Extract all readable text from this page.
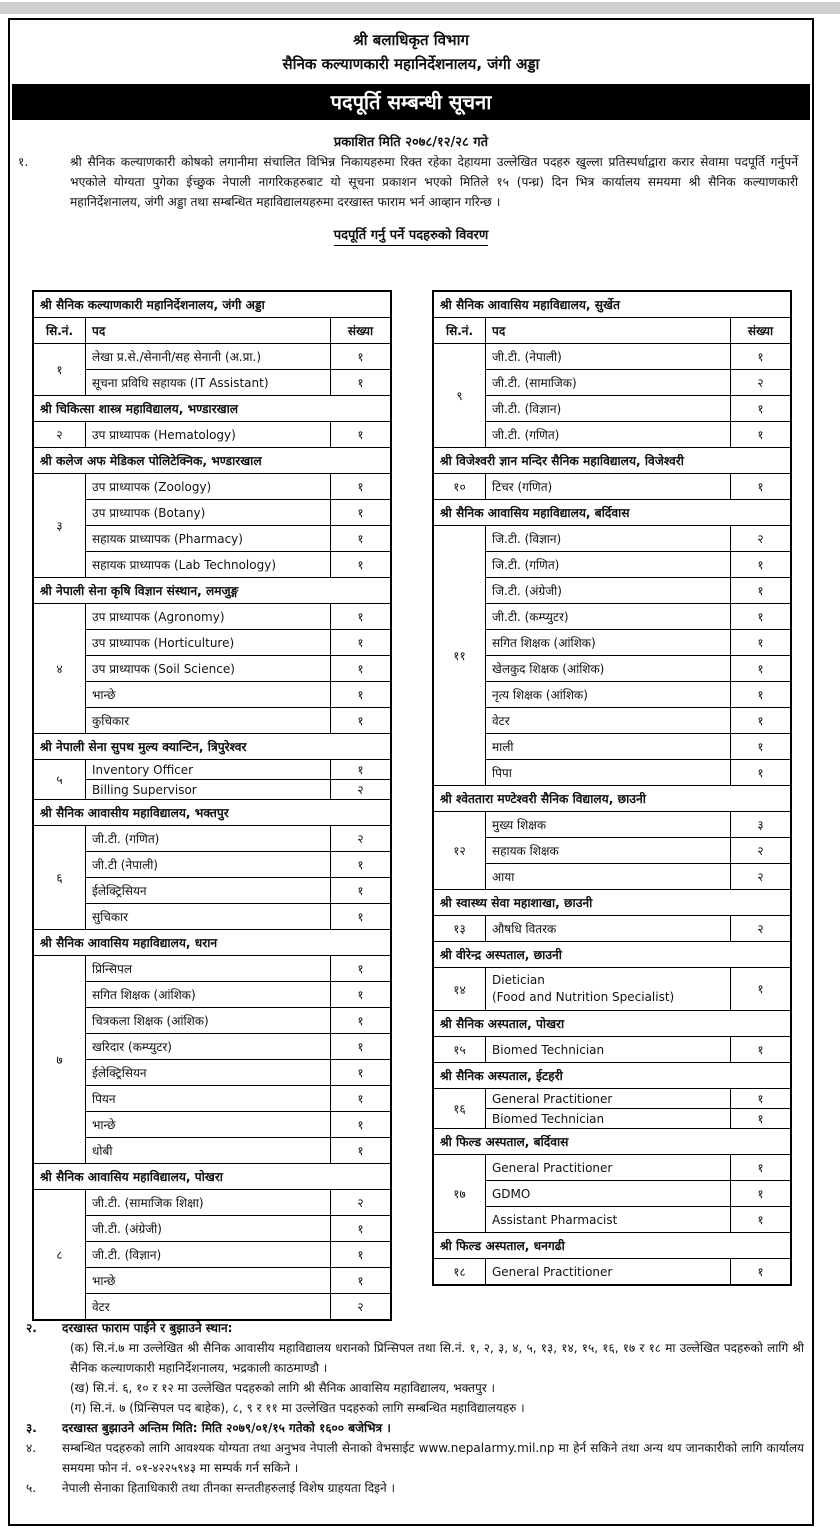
श्री बलाधिकृत विभाग
सैनिक कल्याणकारी महानिर्देशनालय, जंगी अड्डा
पदपूर्ति सम्बन्धी सूचना
प्रकाशित मिति २०७८/१२/२८ गते
१.	श्री सैनिक कल्याणकारी कोषको लगानीमा संचालित विभिन्न निकायहरुमा रिक्त रहेका देहायमा उल्लेखित पदहरु खुल्ला प्रतिस्पर्धाद्वारा करार सेवामा पदपूर्ति गर्नुपर्ने भएकोले योग्यता पुगेका ईच्छुक नेपाली नागरिकहरुबाट यो सूचना प्रकाशन भएको मितिले १५ (पन्ध्र) दिन भित्र कार्यालय समयमा श्री सैनिक कल्याणकारी महानिर्देशनालय, जंगी अड्डा तथा सम्बन्धित महाविद्यालयहरुमा दरखास्त फाराम भर्न आव्हान गरिन्छ ।
पदपूर्ति गर्नु पर्ने पदहरुको विवरण
श्री सैनिक कल्याणकारी महानिर्देशनालय, जंगी अड्डा		
सि.नं.	पद	संख्या
१	लेखा प्र.से./सेनानी/सह सेनानी (अ.प्रा.)	१
	सूचना प्रविधि सहायक (IT Assistant)	१
श्री चिकित्सा शास्त्र महाविद्यालय, भण्डारखाल		
२	उप प्राध्यापक (Hematology)	१
श्री कलेज अफ मेडिकल पोलिटेक्निक, भण्डारखाल		
३	उप प्राध्यापक (Zoology)	१
	उप प्राध्यापक (Botany)	१
	सहायक प्राध्यापक (Pharmacy)	१
	सहायक प्राध्यापक (Lab Technology)	१
श्री नेपाली सेना कृषि विज्ञान संस्थान, लमजुङ्ग		
४	उप प्राध्यापक (Agronomy)	१
	उप प्राध्यापक (Horticulture)	१
	उप प्राध्यापक (Soil Science)	१
	भान्छे	१
	कुचिकार	१
श्री नेपाली सेना सुपथ मुल्य क्यान्टिन, त्रिपुरेश्वर		
५	Inventory Officer	१
	Billing Supervisor	२
श्री सैनिक आवासीय महाविद्यालय, भक्तपुर		
६	जी.टी. (गणित)	२
	जी.टी (नेपाली)	१
	ईलेक्ट्रिसियन	१
	सुचिकार	१
श्री सैनिक आवासिय महाविद्यालय, धरान		
७	प्रिन्सिपल	१
	सगित शिक्षक (आंशिक)	१
	चित्रकला शिक्षक (आंशिक)	१
	खरिदार (कम्प्युटर)	१
	ईलेक्ट्रिसियन	१
	पियन	१
	भान्छे	१
	धोबी	१
श्री सैनिक आवासिय महाविद्यालय, पोखरा		
८	जी.टी. (सामाजिक शिक्षा)	२
	जी.टी. (अंग्रेजी)	१
	जी.टी. (विज्ञान)	१
	भान्छे	१
	वेटर	२
श्री सैनिक आवासिय महाविद्यालय, सुर्खेत		
सि.नं.	पद	संख्या
९	जी.टी. (नेपाली)	१
	जी.टी. (सामाजिक)	२
	जी.टी. (विज्ञान)	१
	जी.टी. (गणित)	१
श्री विजेश्वरी ज्ञान मन्दिर सैनिक महाविद्यालय, विजेश्वरी		
१०	टिचर (गणित)	१
श्री सैनिक आवासिय महाविद्यालय, बर्दिवास		
११	जि.टी. (विज्ञान)	२
	जि.टी. (गणित)	१
	जि.टी. (अंग्रेजी)	१
	जी.टी. (कम्प्युटर)	१
	सगित शिक्षक (आंशिक)	१
	खेलकुद शिक्षक (आंशिक)	१
	नृत्य शिक्षक (आंशिक)	१
	वेटर	१
	माली	१
	पिपा	१
श्री श्वेततारा मण्टेश्वरी सैनिक विद्यालय, छाउनी		
१२	मुख्य शिक्षक	३
	सहायक शिक्षक	२
	आया	२
श्री स्वास्थ्य सेवा महाशाखा, छाउनी		
१३	औषधि वितरक	२
श्री वीरेन्द्र अस्पताल, छाउनी		
१४	Dietician
(Food and Nutrition Specialist)	१
श्री सैनिक अस्पताल, पोखरा		
१५	Biomed Technician	१
श्री सैनिक अस्पताल, ईटहरी		
१६	General Practitioner	१
	Biomed Technician	१
श्री फिल्ड अस्पताल, बर्दिवास		
१७	General Practitioner	१
	GDMO	१
	Assistant Pharmacist	१
श्री फिल्ड अस्पताल, धनगढी		
१८	General Practitioner	१
२. दरखास्त फाराम पाईने र बुझाउने स्थान:
(क) सि.नं.७ मा उल्लेखित श्री सैनिक आवासीय महाविद्यालय धरानको प्रिन्सिपल तथा सि.नं. १, २, ३, ४, ५, १३, १४, १५, १६, १७ र १८ मा उल्लेखित पदहरुको लागि श्री सैनिक कल्याणकारी महानिर्देशनालय, भद्रकाली काठमाण्डौ ।
(ख) सि.नं. ६, १० र १२ मा उल्लेखित पदहरुको लागि श्री सैनिक आवासिय महाविद्यालय, भक्तपुर ।
(ग) सि.नं. ७ (प्रिन्सिपल पद बाहेक), ८, ९ र ११ मा उल्लेखित पदहरुको लागि सम्बन्धित महाविद्यालयहरु ।
३. दरखास्त बुझाउने अन्तिम मिति: मिति २०७९/०१/१५ गतेको १६०० बजेभित्र ।
४. सम्बन्धित पदहरुको लागि आवश्यक योग्यता तथा अनुभव नेपाली सेनाको वेभसाईट www.nepalarmy.mil.np मा हेर्न सकिने तथा अन्य थप जानकारीको लागि कार्यालय समयमा फोन नं. ०१-४२२५९४३ मा सम्पर्क गर्न सकिने ।
५. नेपाली सेनाका हिताधिकारी तथा तीनका सन्ततीहरुलाई विशेष ग्राहयता दिइने ।
